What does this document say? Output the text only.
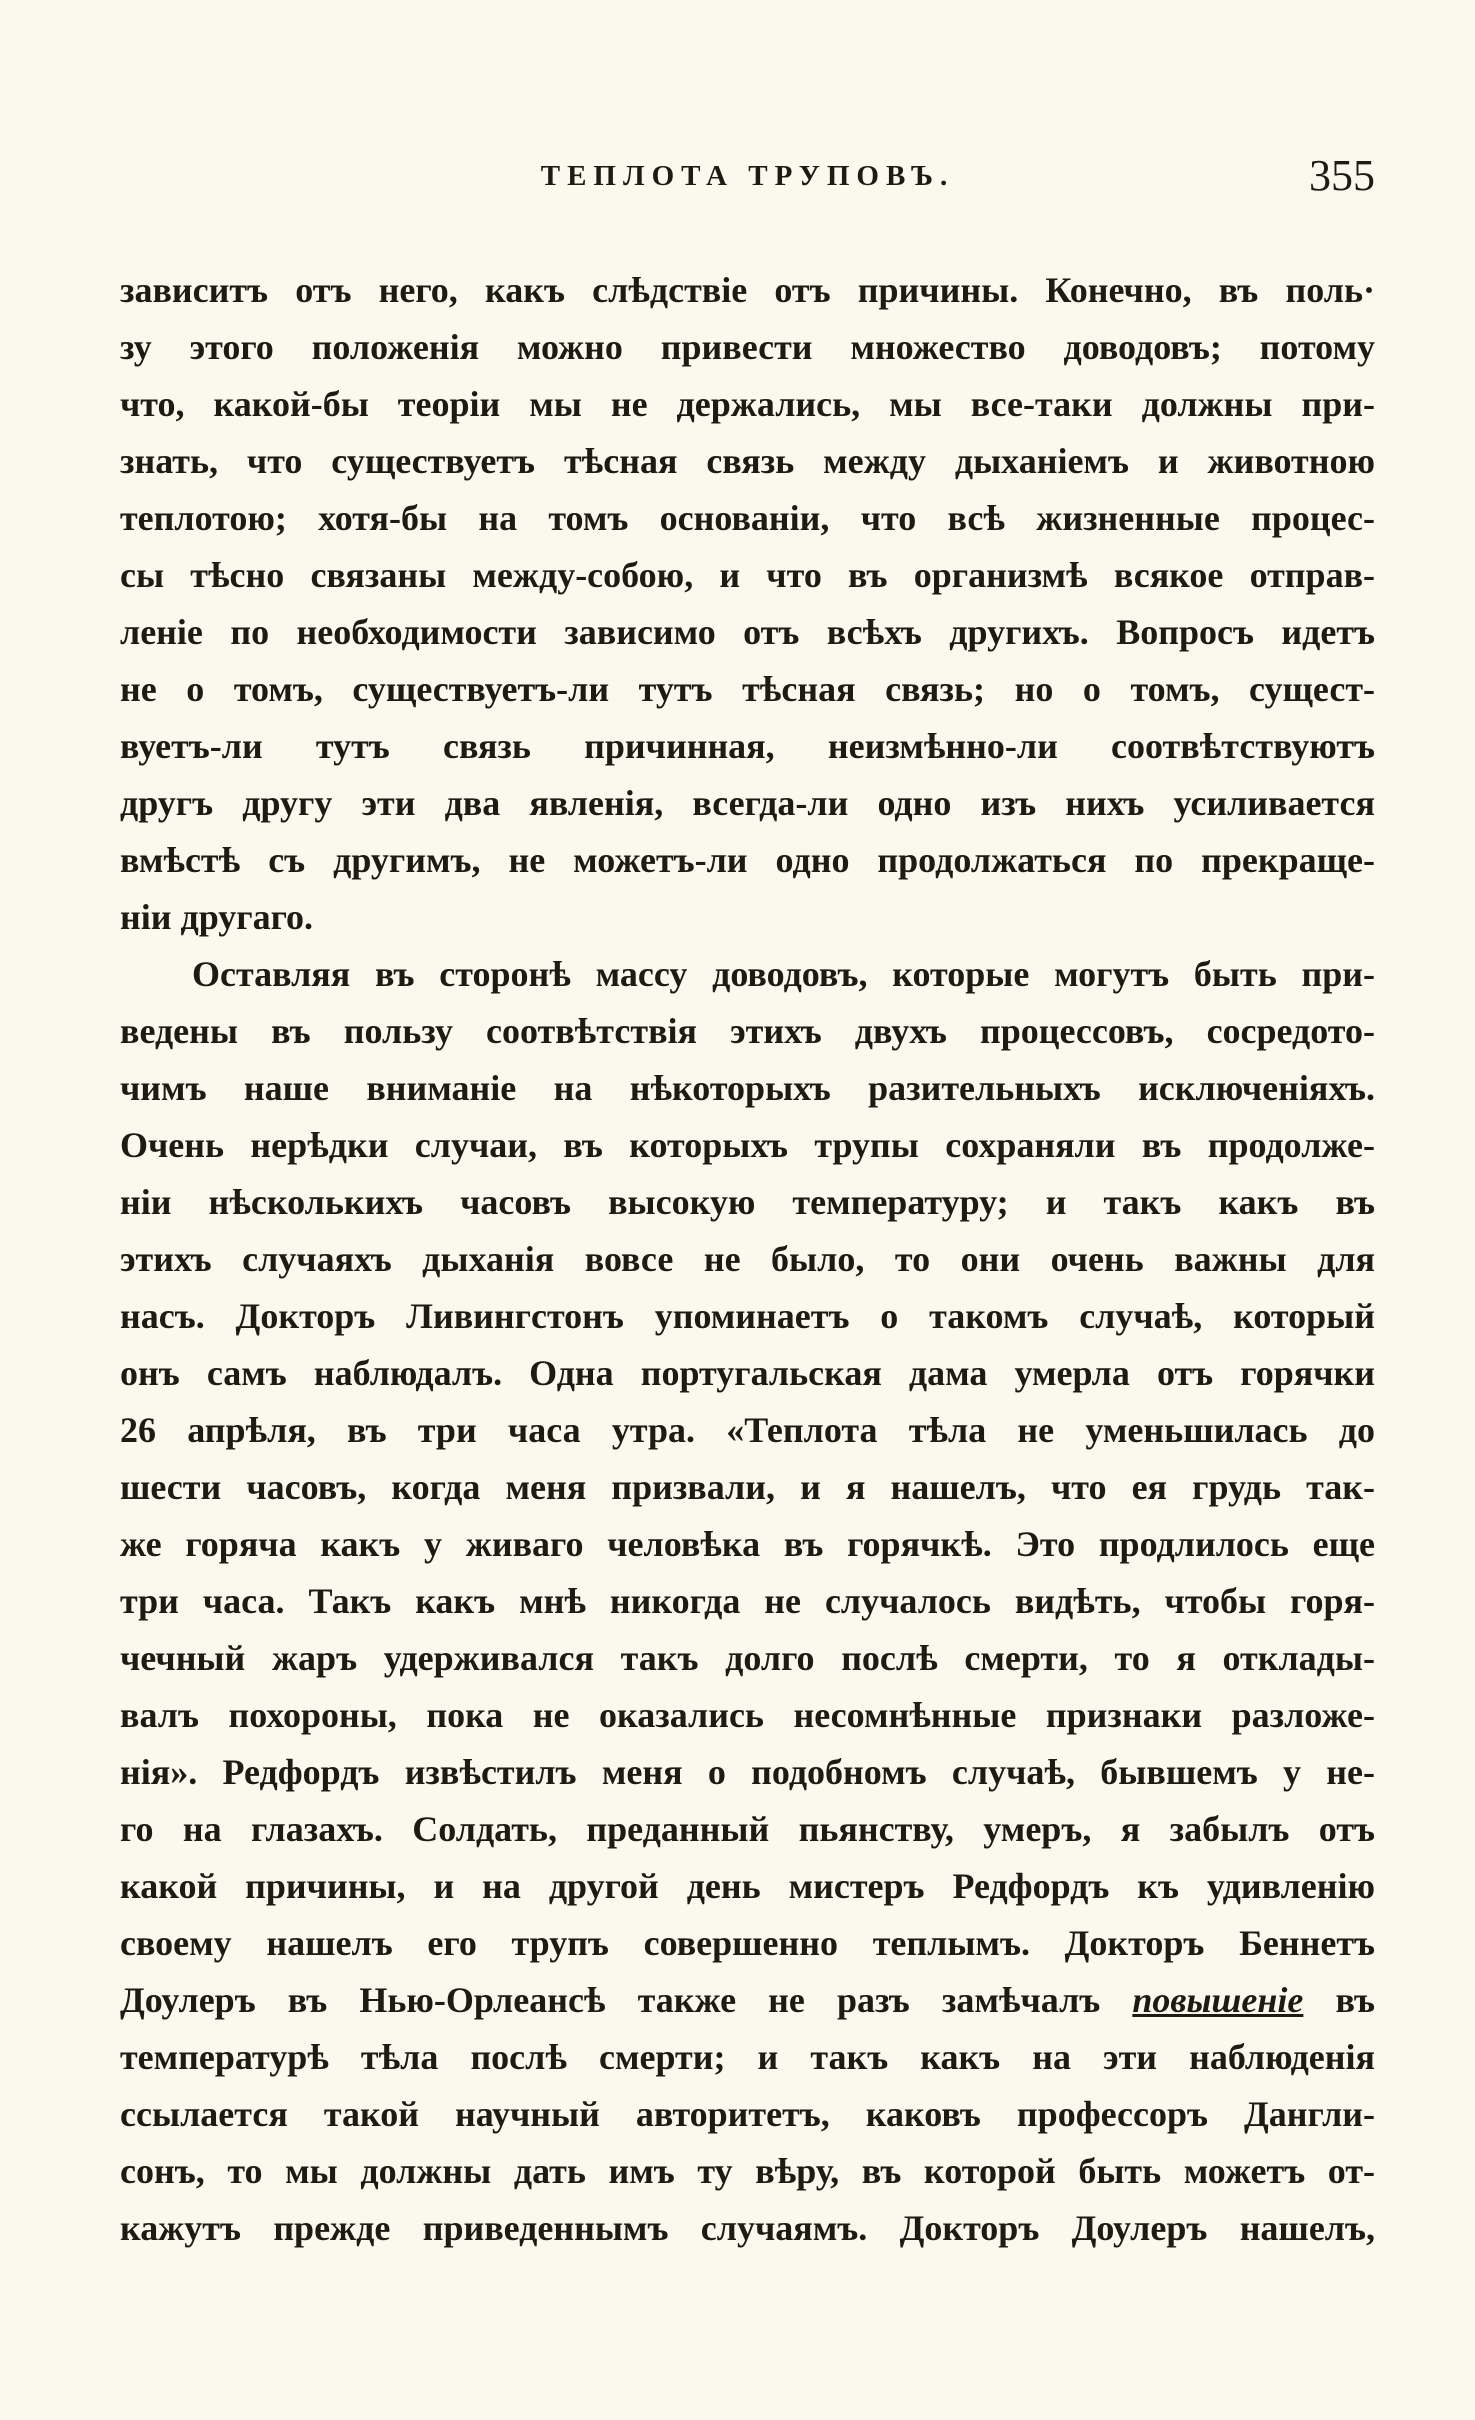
ТЕПЛОТА ТРУПОВЪ.	355
зависитъ отъ него, какъ слѣдствіе отъ причины. Конечно, въ поль·
зу этого положенія можно привести множество доводовъ; потому
что, какой-бы теоріи мы не держались, мы все-таки должны при-
знать, что существуетъ тѣсная связь между дыханіемъ и животною
теплотою; хотя-бы на томъ основаніи, что всѣ жизненные процес-
сы тѣсно связаны между-собою, и что въ организмѣ всякое отправ-
леніе по необходимости зависимо отъ всѣхъ другихъ. Вопросъ идетъ
не о томъ, существуетъ-ли тутъ тѣсная связь; но о томъ, сущест-
вуетъ-ли тутъ связь причинная, неизмѣнно-ли соотвѣтствуютъ
другъ другу эти два явленія, всегда-ли одно изъ нихъ усиливается
вмѣстѣ съ другимъ, не можетъ-ли одно продолжаться по прекраще-
ніи другаго.
Оставляя въ сторонѣ массу доводовъ, которые могутъ быть при-
ведены въ пользу соотвѣтствія этихъ двухъ процессовъ, сосредото-
чимъ наше вниманіе на нѣкоторыхъ разительныхъ исключеніяхъ.
Очень нерѣдки случаи, въ которыхъ трупы сохраняли въ продолже-
ніи нѣсколькихъ часовъ высокую температуру; и такъ какъ въ
этихъ случаяхъ дыханія вовсе не было, то они очень важны для
насъ. Докторъ Ливингстонъ упоминаетъ о такомъ случаѣ, который
онъ самъ наблюдалъ. Одна португальская дама умерла отъ горячки
26 апрѣля, въ три часа утра. «Теплота тѣла не уменьшилась до
шести часовъ, когда меня призвали, и я нашелъ, что ея грудь так-
же горяча какъ у живаго человѣка въ горячкѣ. Это продлилось еще
три часа. Такъ какъ мнѣ никогда не случалось видѣть, чтобы горя-
чечный жаръ удерживался такъ долго послѣ смерти, то я отклады-
валъ похороны, пока не оказались несомнѣнные признаки разложе-
нія». Редфордъ извѣстилъ меня о подобномъ случаѣ, бывшемъ у не-
го на глазахъ. Солдать, преданный пьянству, умеръ, я забылъ отъ
какой причины, и на другой день мистеръ Редфордъ къ удивленію
своему нашелъ его трупъ совершенно теплымъ. Докторъ Беннетъ
Доулеръ въ Нью-Орлеансѣ также не разъ замѣчалъ повышеніе въ
температурѣ тѣла послѣ смерти; и такъ какъ на эти наблюденія
ссылается такой научный авторитетъ, каковъ профессоръ Дангли-
сонъ, то мы должны дать имъ ту вѣру, въ которой быть можетъ от-
кажутъ прежде приведеннымъ случаямъ. Докторъ Доулеръ нашелъ,
